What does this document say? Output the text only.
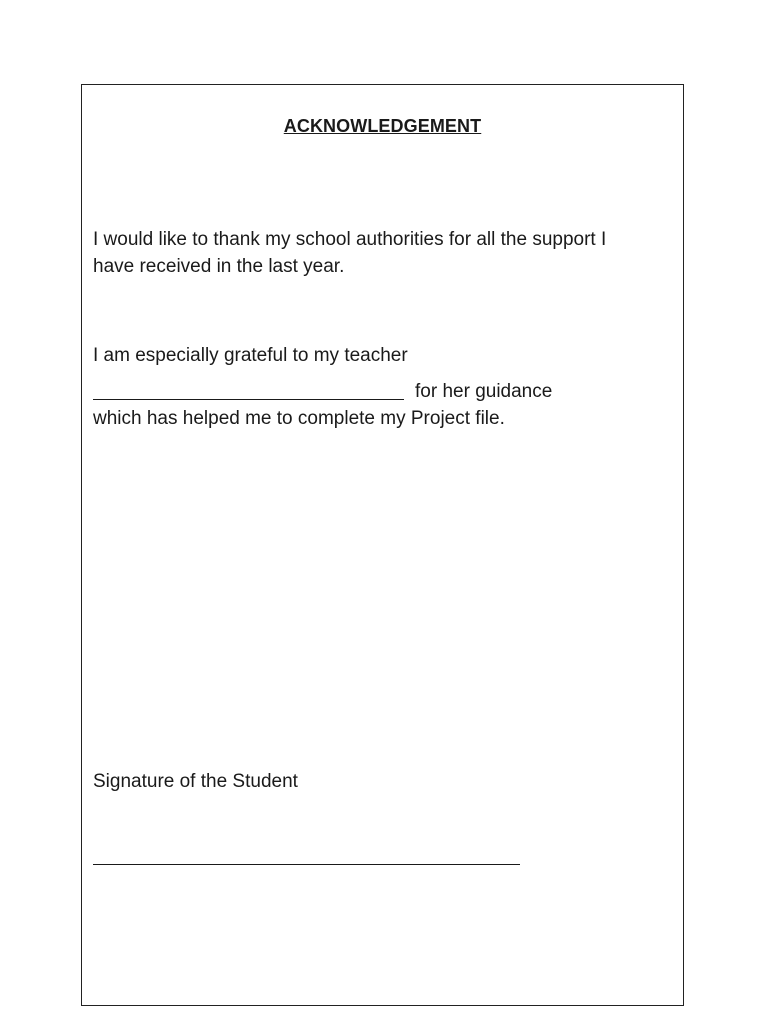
ACKNOWLEDGEMENT

I would like to thank my school authorities for all the support I
have received in the last year.

I am especially grateful to my teacher

for her guidance

which has helped me to complete my Project file.

Signature of the Student
